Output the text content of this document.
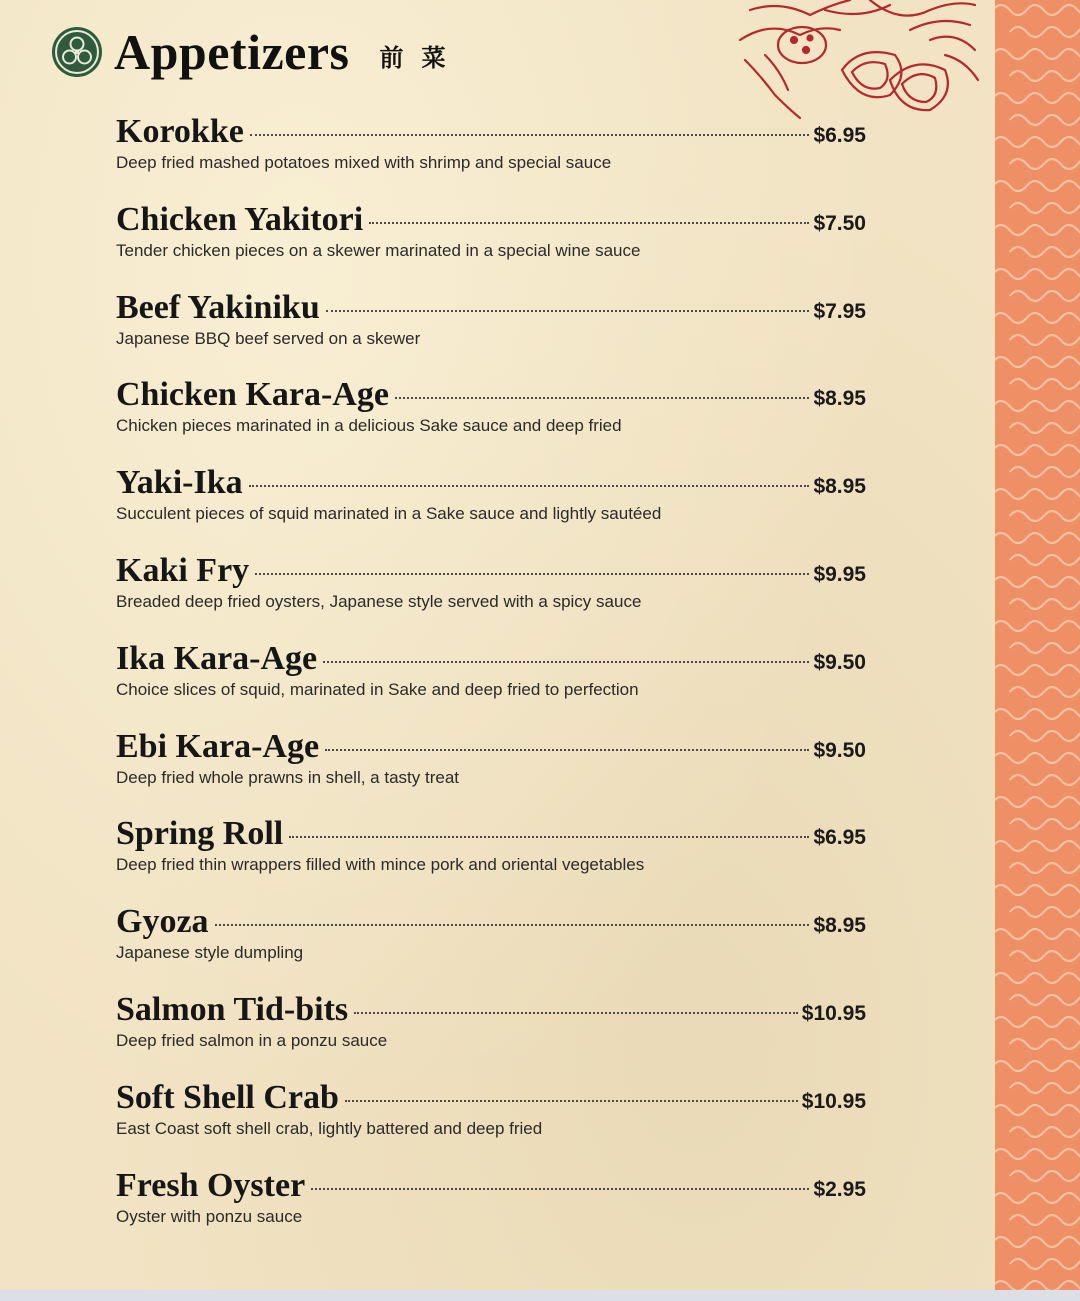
Appetizers 前 菜
Korokke	$6.95
Deep fried mashed potatoes mixed with shrimp and special sauce
Chicken Yakitori	$7.50
Tender chicken pieces on a skewer marinated in a special wine sauce
Beef Yakiniku	$7.95
Japanese BBQ beef served on a skewer
Chicken Kara-Age	$8.95
Chicken pieces marinated in a delicious Sake sauce and deep fried
Yaki-Ika	$8.95
Succulent pieces of squid marinated in a Sake sauce and lightly sautéed
Kaki Fry	$9.95
Breaded deep fried oysters, Japanese style served with a spicy sauce
Ika Kara-Age	$9.50
Choice slices of squid, marinated in Sake and deep fried to perfection
Ebi Kara-Age	$9.50
Deep fried whole prawns in shell, a tasty treat
Spring Roll	$6.95
Deep fried thin wrappers filled with mince pork and oriental vegetables
Gyoza	$8.95
Japanese style dumpling
Salmon Tid-bits	$10.95
Deep fried salmon in a ponzu sauce
Soft Shell Crab	$10.95
East Coast soft shell crab, lightly battered and deep fried
Fresh Oyster	$2.95
Oyster with ponzu sauce
